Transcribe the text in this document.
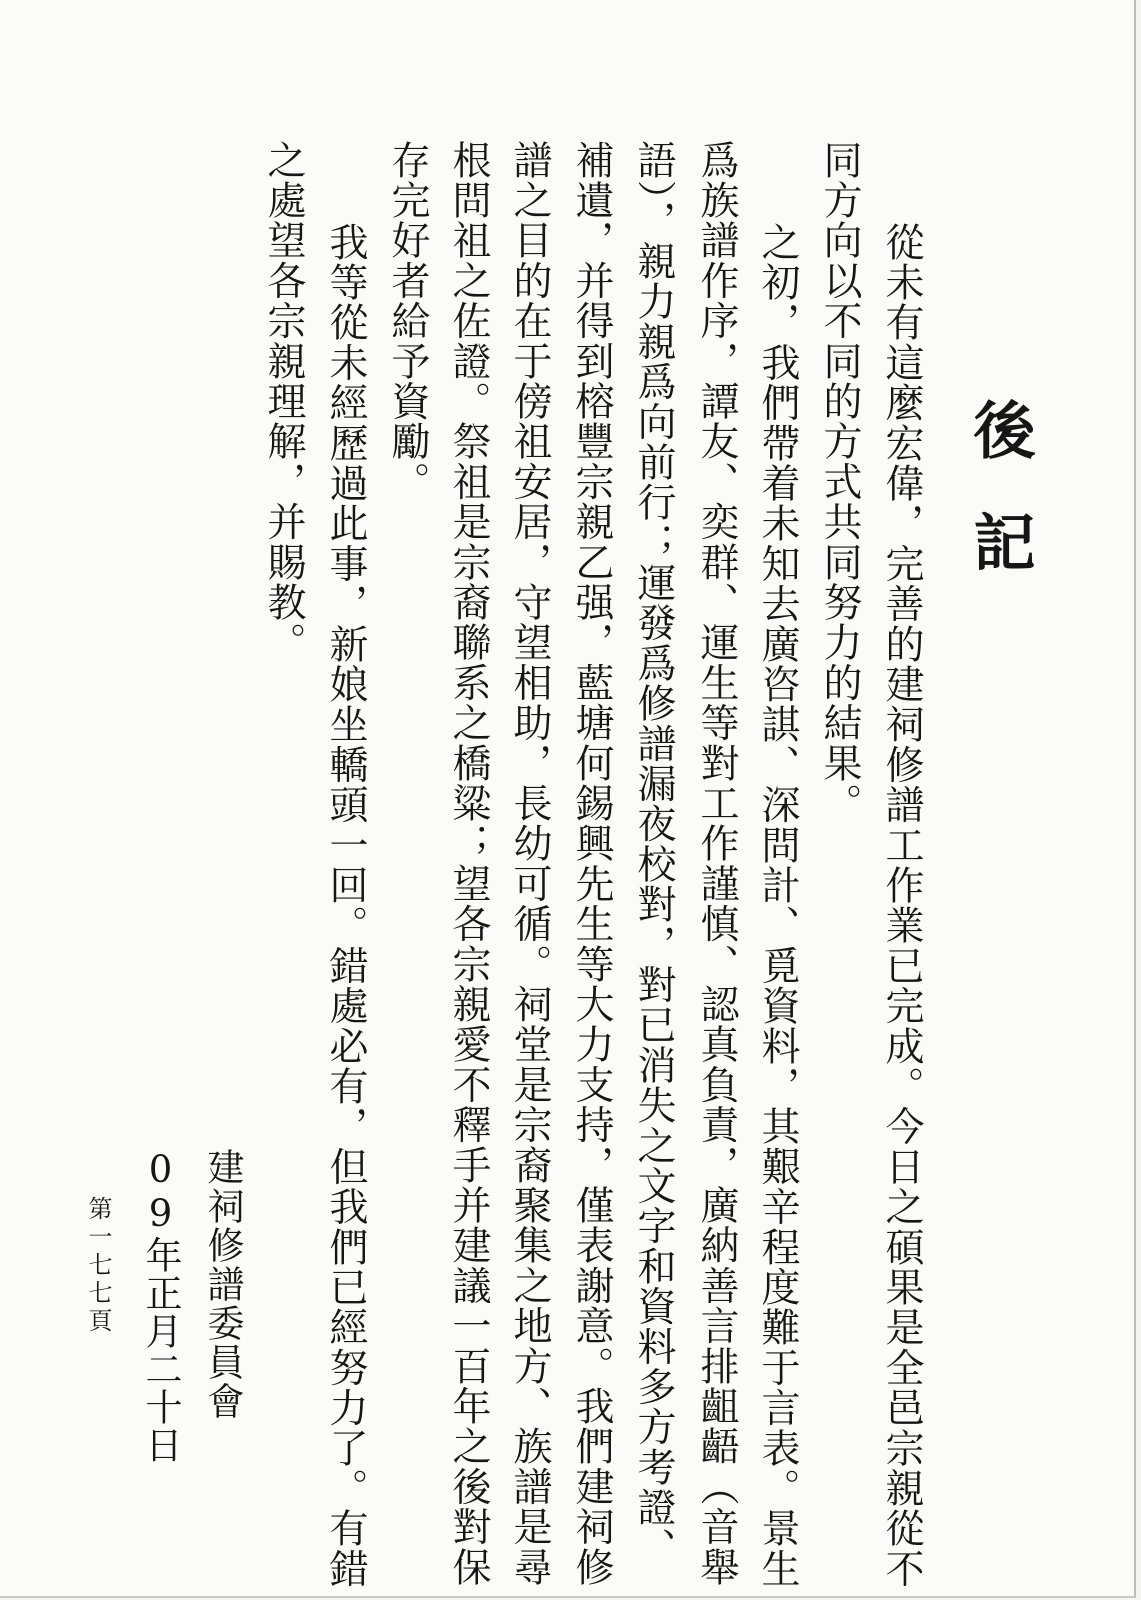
後
記
從未有這麼宏偉，完善的建祠修譜工作業已完成。今日之碩果是全邑宗親從不
同方向以不同的方式共同努力的結果。
之初，我們帶着未知去廣咨諆、深問計、覓資料，其艱辛程度難于言表。景生
爲族譜作序，譚友、奕群、運生等對工作謹慎、認真負責，廣納善言排齟齬（音舉
語），親力親爲向前行；運發爲修譜漏夜校對，對已消失之文字和資料多方考證、
補遺，并得到榕豐宗親乙强，藍塘何錫興先生等大力支持，僅表謝意。我們建祠修
譜之目的在于傍祖安居，守望相助，長幼可循。祠堂是宗裔聚集之地方、族譜是尋
根問祖之佐證。祭祖是宗裔聯系之橋粱；望各宗親愛不釋手并建議一百年之後對保
存完好者給予資勵。
我等從未經歷過此事，新娘坐轎頭一回。錯處必有，但我們已經努力了。有錯
之處望各宗親理解，并賜教。
建祠修譜委員會
09年正月二十日
第一七七頁
